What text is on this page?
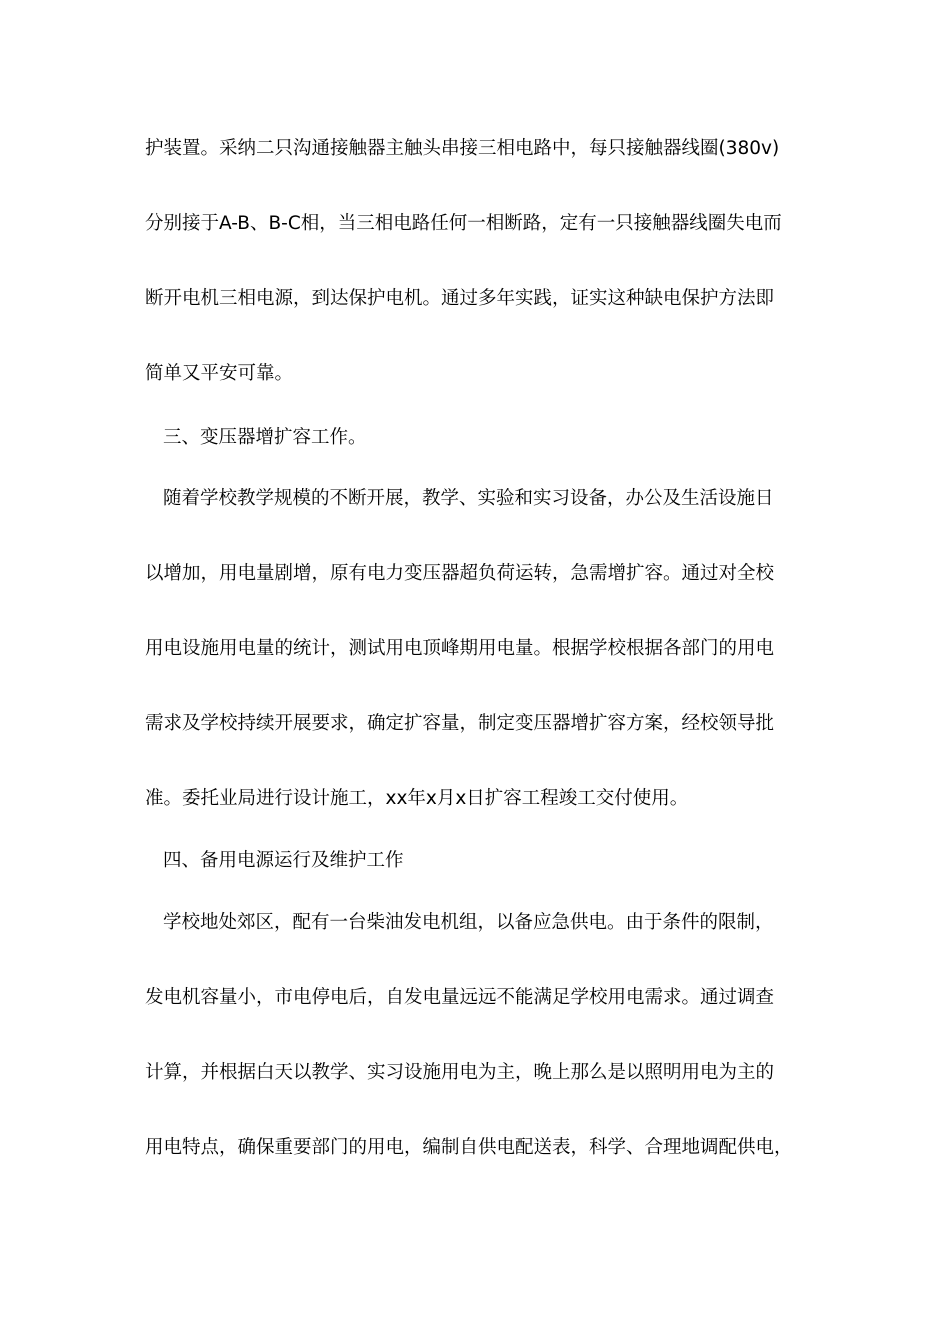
护装置。采纳二只沟通接触器主触头串接三相电路中，每只接触器线圈(380v)
分别接于A-B、B-C相，当三相电路任何一相断路，定有一只接触器线圈失电而
断开电机三相电源，到达保护电机。通过多年实践，证实这种缺电保护方法即
简单又平安可靠。
三、变压器增扩容工作。
随着学校教学规模的不断开展，教学、实验和实习设备，办公及生活设施日
以增加，用电量剧增，原有电力变压器超负荷运转，急需增扩容。通过对全校
用电设施用电量的统计，测试用电顶峰期用电量。根据学校根据各部门的用电
需求及学校持续开展要求，确定扩容量，制定变压器增扩容方案，经校领导批
准。委托业局进行设计施工，xx年x月x日扩容工程竣工交付使用。
四、备用电源运行及维护工作
学校地处郊区，配有一台柴油发电机组，以备应急供电。由于条件的限制，
发电机容量小，市电停电后，自发电量远远不能满足学校用电需求。通过调查
计算，并根据白天以教学、实习设施用电为主，晚上那么是以照明用电为主的
用电特点，确保重要部门的用电，编制自供电配送表，科学、合理地调配供电，
